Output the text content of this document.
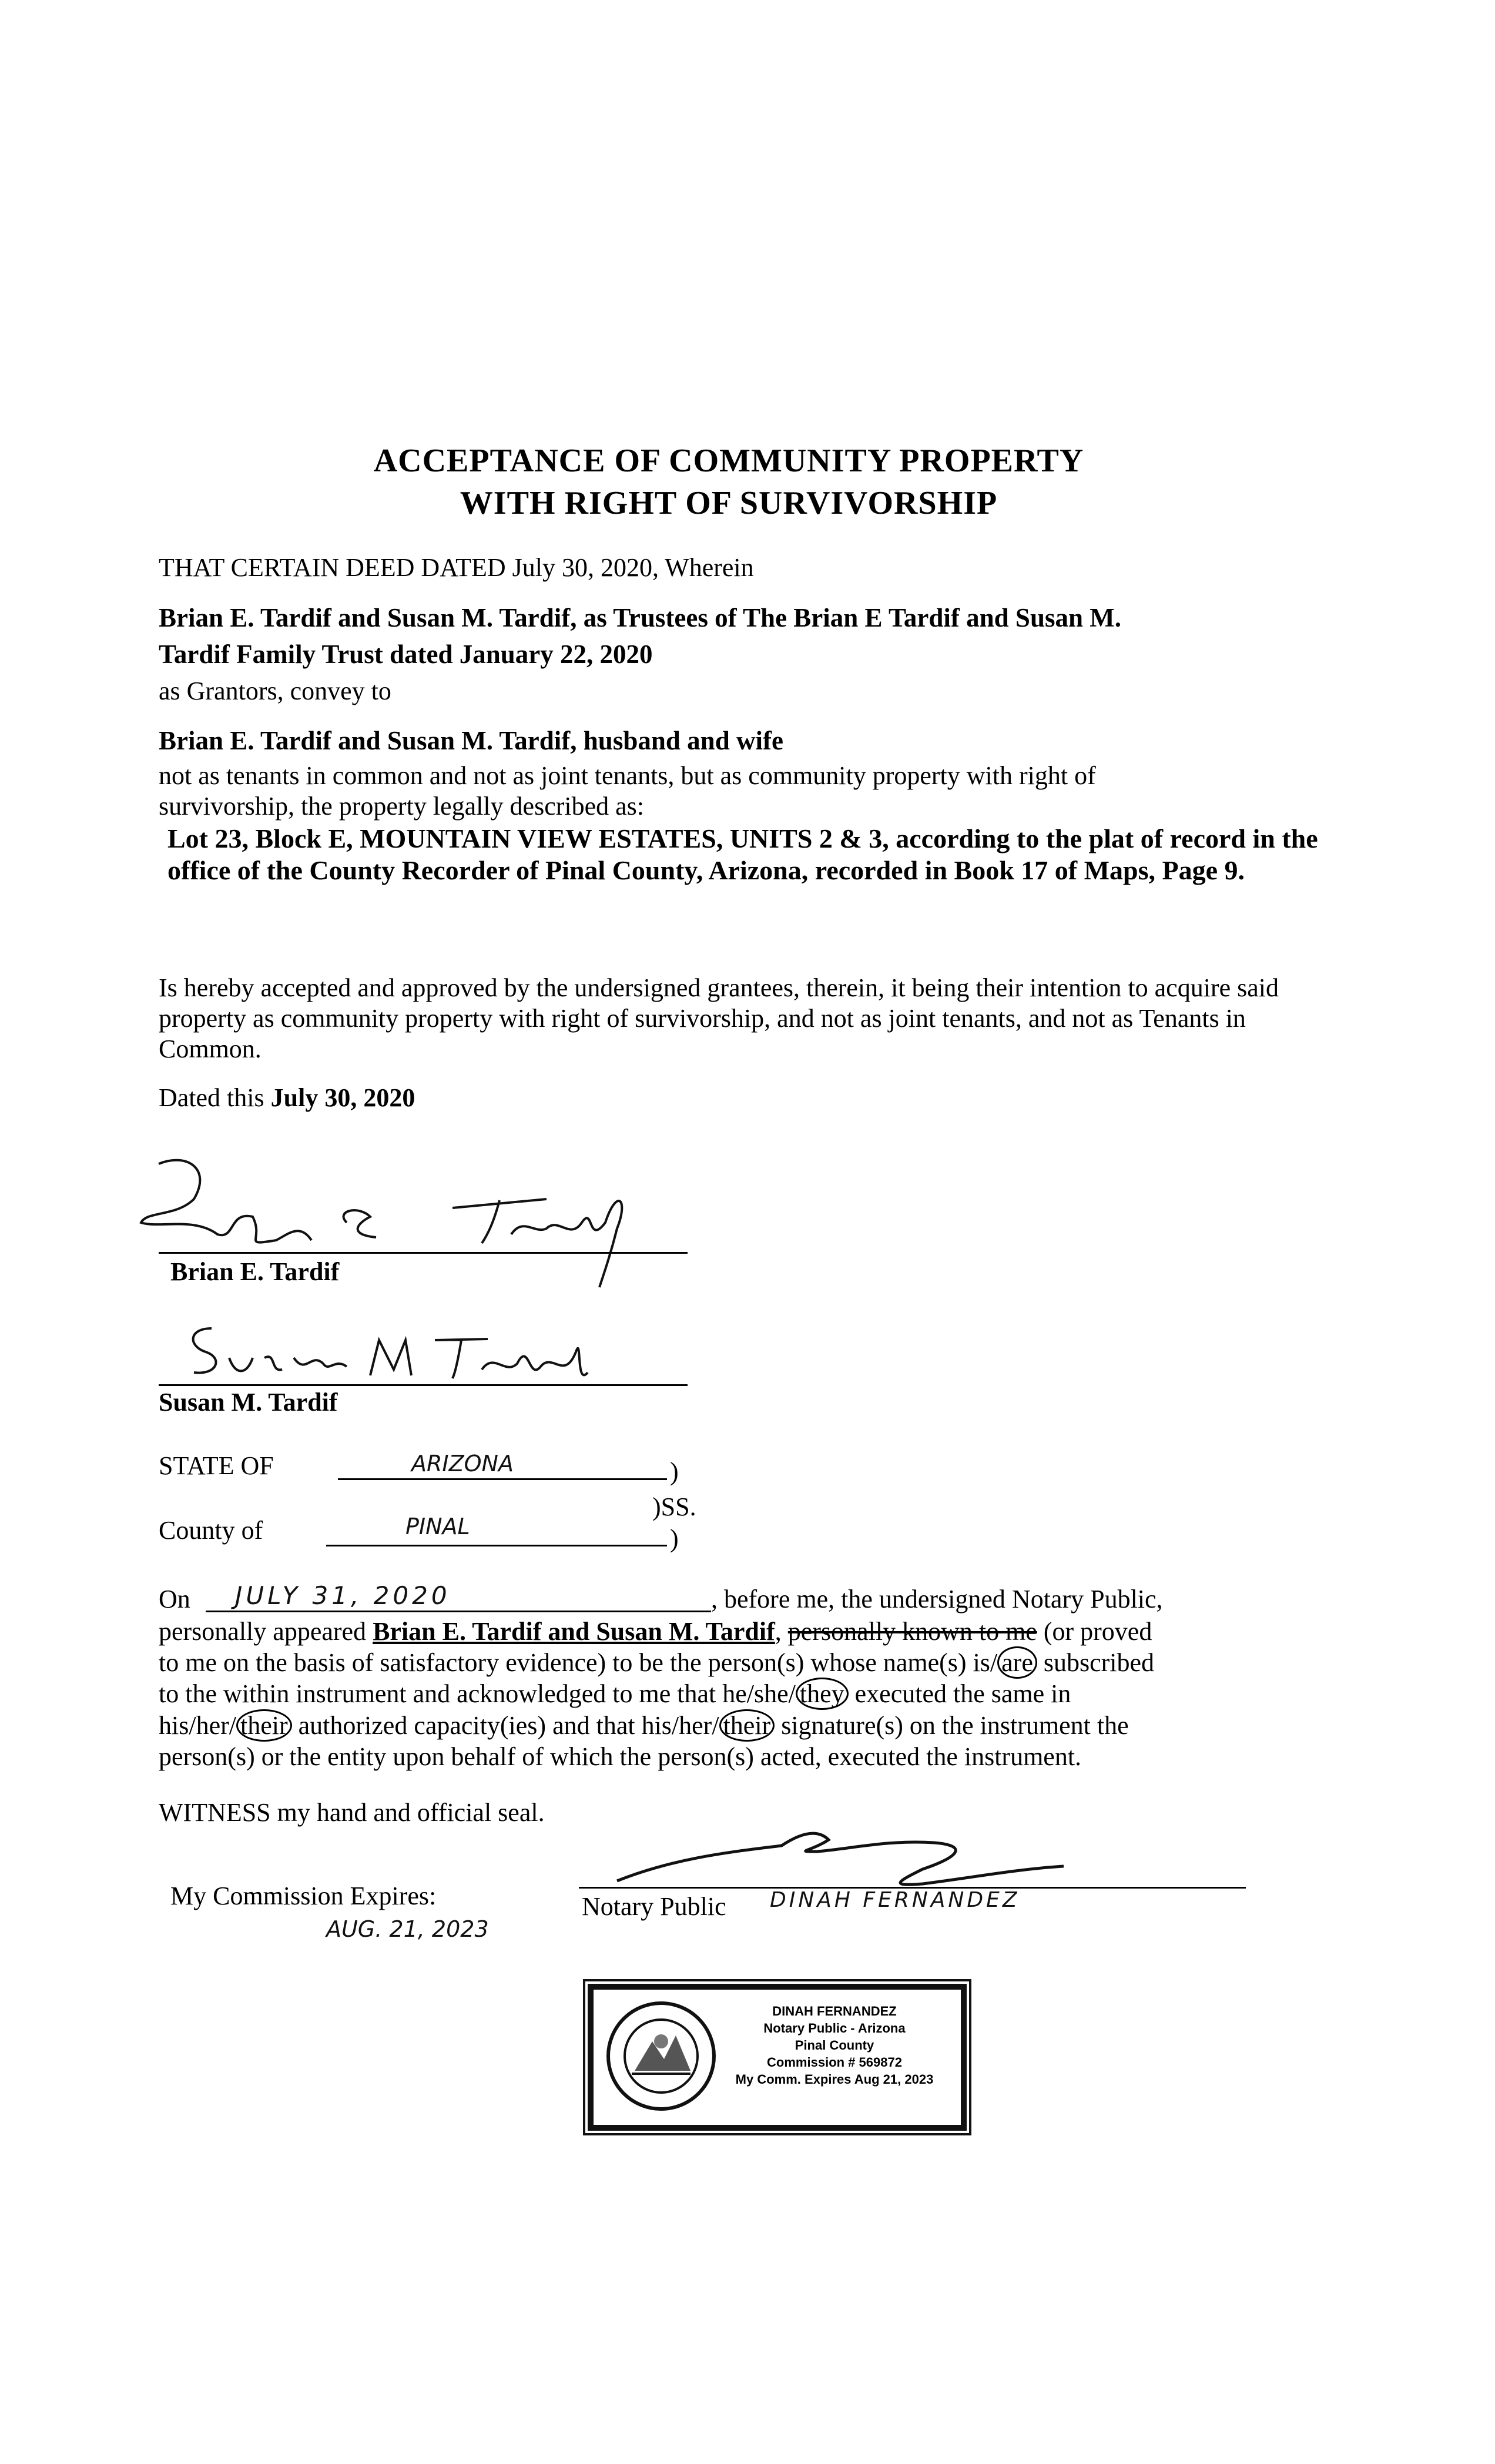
ACCEPTANCE OF COMMUNITY PROPERTY
WITH RIGHT OF SURVIVORSHIP
THAT CERTAIN DEED DATED July 30, 2020, Wherein
Brian E. Tardif and Susan M. Tardif, as Trustees of The Brian E Tardif and Susan M.
Tardif Family Trust dated January 22, 2020
as Grantors, convey to
Brian E. Tardif and Susan M. Tardif, husband and wife
not as tenants in common and not as joint tenants, but as community property with right of
survivorship, the property legally described as:
Lot 23, Block E, MOUNTAIN VIEW ESTATES, UNITS 2 & 3, according to the plat of record in the office of the County Recorder of Pinal County, Arizona, recorded in Book 17 of Maps, Page 9.
Is hereby accepted and approved by the undersigned grantees, therein, it being their intention to acquire said property as community property with right of survivorship, and not as joint tenants, and not as Tenants in Common.
Dated this July 30, 2020
Brian E. Tardif
Susan M. Tardif
STATE OF	ARIZONA	)
)SS.
County of	PINAL	)
On JULY 31, 2020	, before me, the undersigned Notary Public,
personally appeared Brian E. Tardif and Susan M. Tardif, personally known to me (or proved
to me on the basis of satisfactory evidence) to be the person(s) whose name(s) is/ are subscribed
to the within instrument and acknowledged to me that he/she/ they executed the same in
his/her/ their authorized capacity(ies) and that his/her/ their signature(s) on the instrument the
person(s) or the entity upon behalf of which the person(s) acted, executed the instrument.
WITNESS my hand and official seal.
My Commission Expires:
AUG. 21, 2023
Notary Public DINAH FERNANDEZ
DINAH FERNANDEZ
Notary Public - Arizona
Pinal County
Commission # 569872
My Comm. Expires Aug 21, 2023
